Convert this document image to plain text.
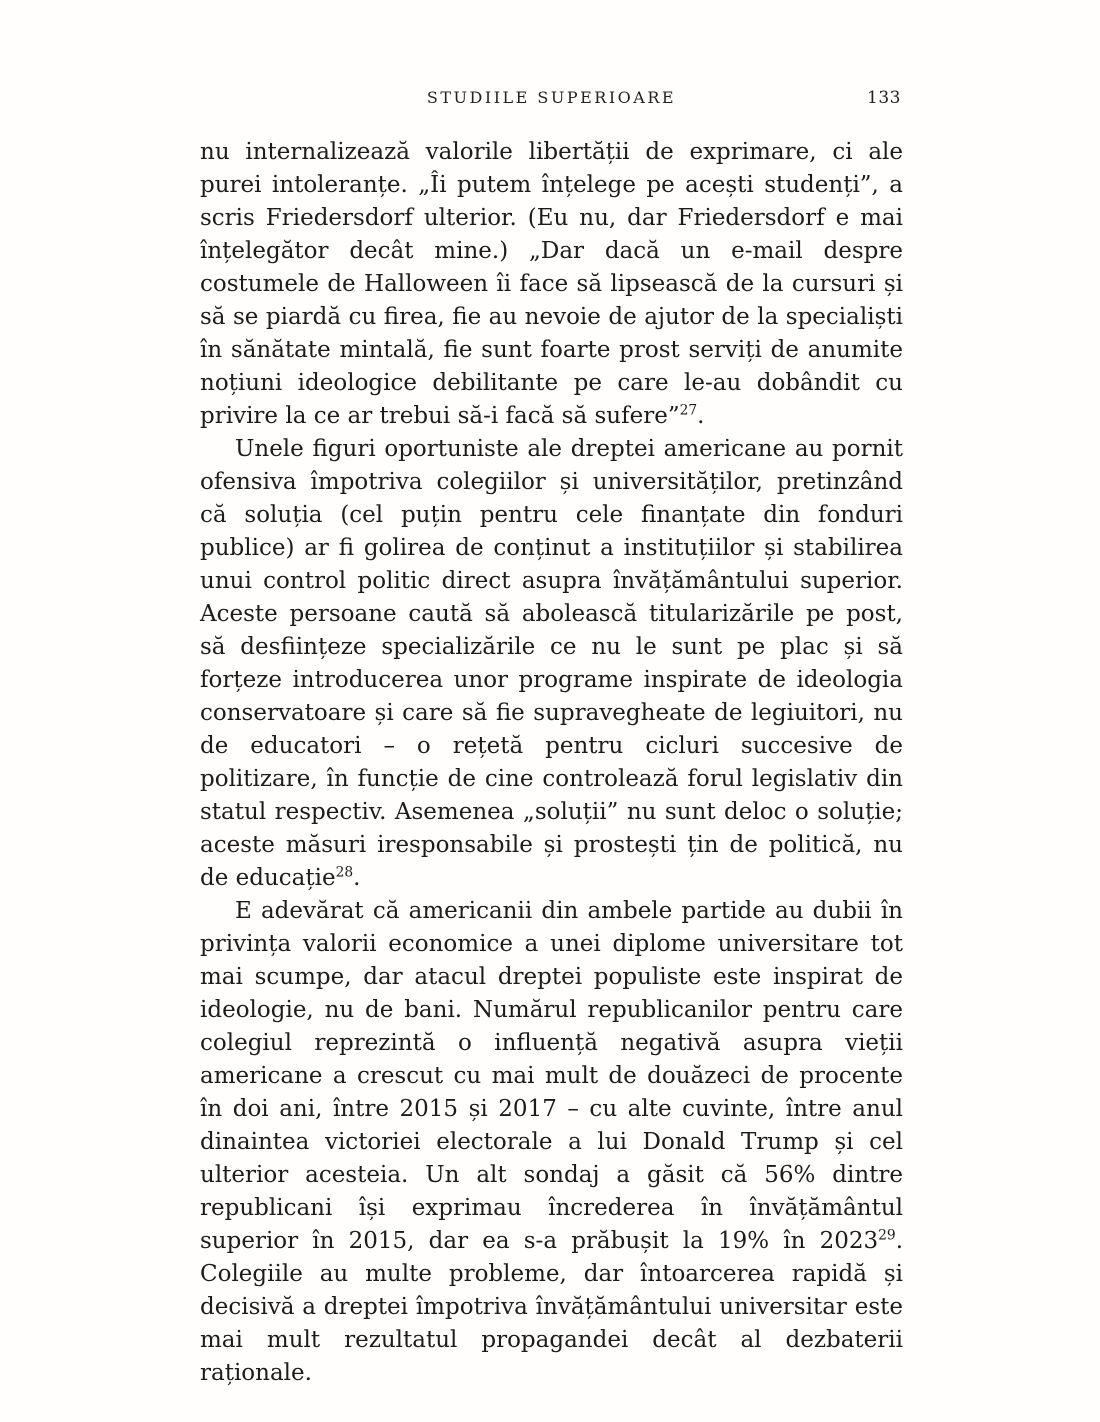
STUDIILE SUPERIOARE	133

nu internalizează valorile libertății de exprimare, ci ale purei intoleranțe. „Îi putem înțelege pe acești studenți”, a scris Friedersdorf ulterior. (Eu nu, dar Friedersdorf e mai înțelegător decât mine.) „Dar dacă un e-mail despre costumele de Halloween îi face să lipsească de la cursuri și să se piardă cu firea, fie au nevoie de ajutor de la specialiști în sănătate mintală, fie sunt foarte prost serviți de anumite noțiuni ideologice debilitante pe care le-au dobândit cu privire la ce ar trebui să-i facă să sufere”$^{27}$.

Unele figuri oportuniste ale dreptei americane au pornit ofensiva împotriva colegiilor și universităților, pretinzând că soluția (cel puțin pentru cele finanțate din fonduri publice) ar fi golirea de conținut a instituțiilor și stabilirea unui control politic direct asupra învățământului superior. Aceste persoane caută să abolească titularizările pe post, să desființeze specializările ce nu le sunt pe plac și să forțeze introducerea unor programe inspirate de ideologia conservatoare și care să fie supravegheate de legiuitori, nu de educatori – o rețetă pentru cicluri succesive de politizare, în funcție de cine controlează forul legislativ din statul respectiv. Asemenea „soluții” nu sunt deloc o soluție; aceste măsuri iresponsabile și prostești țin de politică, nu de educație$^{28}$.

E adevărat că americanii din ambele partide au dubii în privința valorii economice a unei diplome universitare tot mai scumpe, dar atacul dreptei populiste este inspirat de ideologie, nu de bani. Numărul republicanilor pentru care colegiul reprezintă o influență negativă asupra vieții americane a crescut cu mai mult de douăzeci de procente în doi ani, între 2015 și 2017 – cu alte cuvinte, între anul dinaintea victoriei electorale a lui Donald Trump și cel ulterior acesteia. Un alt sondaj a găsit că 56% dintre republicani își exprimau încrederea în învățământul superior în 2015, dar ea s-a prăbușit la 19% în 2023$^{29}$. Colegiile au multe probleme, dar întoarcerea rapidă și decisivă a dreptei împotriva învățământului universitar este mai mult rezultatul propagandei decât al dezbaterii raționale.
